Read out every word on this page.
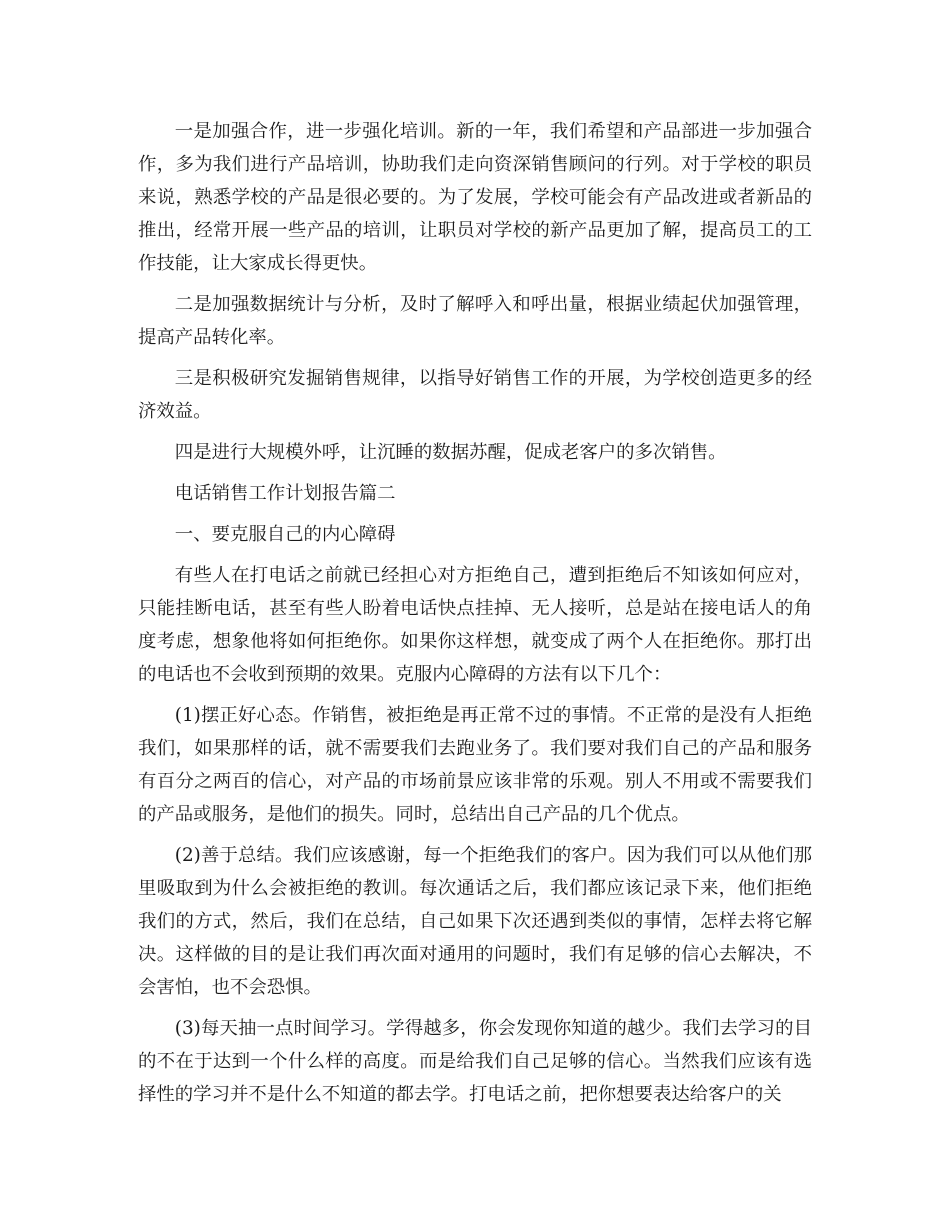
一是加强合作，进一步强化培训。新的一年，我们希望和产品部进一步加强合作，多为我们进行产品培训，协助我们走向资深销售顾问的行列。对于学校的职员来说，熟悉学校的产品是很必要的。为了发展，学校可能会有产品改进或者新品的推出，经常开展一些产品的培训，让职员对学校的新产品更加了解，提高员工的工作技能，让大家成长得更快。

二是加强数据统计与分析，及时了解呼入和呼出量，根据业绩起伏加强管理，提高产品转化率。

三是积极研究发掘销售规律，以指导好销售工作的开展，为学校创造更多的经济效益。

四是进行大规模外呼，让沉睡的数据苏醒，促成老客户的多次销售。

电话销售工作计划报告篇二

一、要克服自己的内心障碍

有些人在打电话之前就已经担心对方拒绝自己，遭到拒绝后不知该如何应对，只能挂断电话，甚至有些人盼着电话快点挂掉、无人接听，总是站在接电话人的角度考虑，想象他将如何拒绝你。如果你这样想，就变成了两个人在拒绝你。那打出的电话也不会收到预期的效果。克服内心障碍的方法有以下几个：

(1)摆正好心态。作销售，被拒绝是再正常不过的事情。不正常的是没有人拒绝我们，如果那样的话，就不需要我们去跑业务了。我们要对我们自己的产品和服务有百分之两百的信心，对产品的市场前景应该非常的乐观。别人不用或不需要我们的产品或服务，是他们的损失。同时，总结出自己产品的几个优点。

(2)善于总结。我们应该感谢，每一个拒绝我们的客户。因为我们可以从他们那里吸取到为什么会被拒绝的教训。每次通话之后，我们都应该记录下来，他们拒绝我们的方式，然后，我们在总结，自己如果下次还遇到类似的事情，怎样去将它解决。这样做的目的是让我们再次面对通用的问题时，我们有足够的信心去解决，不会害怕，也不会恐惧。

(3)每天抽一点时间学习。学得越多，你会发现你知道的越少。我们去学习的目的不在于达到一个什么样的高度。而是给我们自己足够的信心。当然我们应该有选择性的学习并不是什么不知道的都去学。打电话之前，把你想要表达给客户的关
